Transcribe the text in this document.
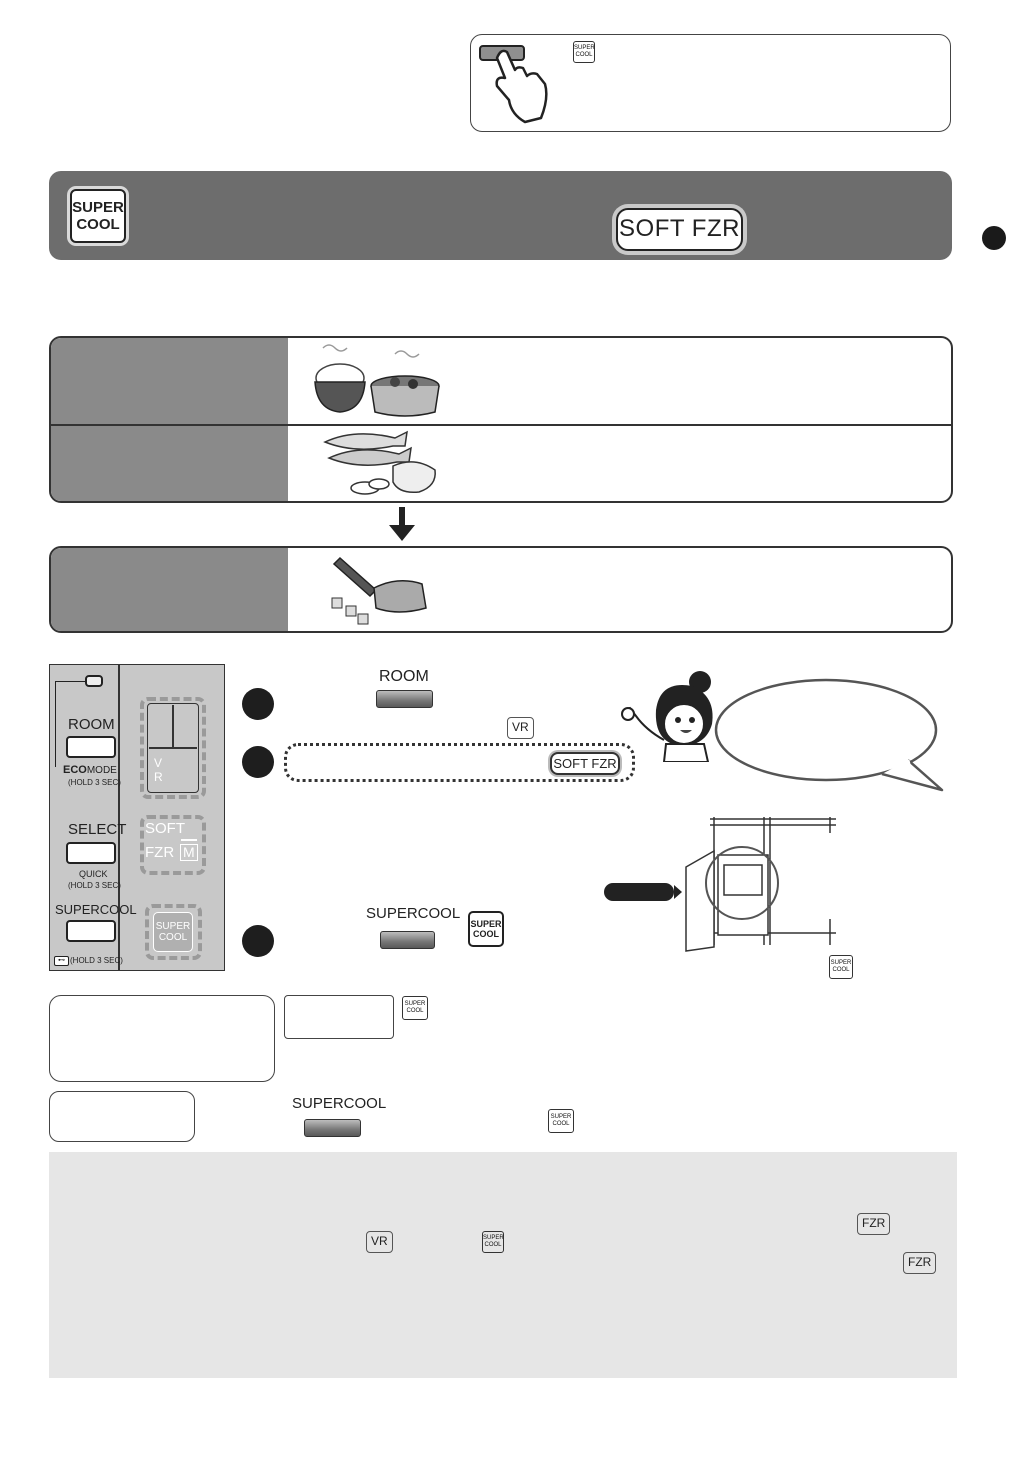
SUPER
COOL
SUPER
COOL	SOFT FZR
ROOM
ECOMODE
(HOLD 3 SEC)
SELECT
QUICK
(HOLD 3 SEC)
SUPERCOOL
⊷ (HOLD 3 SEC)
V
R
SOFT
FZR M
SUPER
COOL
ROOM
VR
SOFT FZR
SUPERCOOL
SUPER
COOL
SUPER
COOL
SUPER
COOL
SUPERCOOL
SUPER
COOL
FZR
VR	SUPER
COOL
FZR
